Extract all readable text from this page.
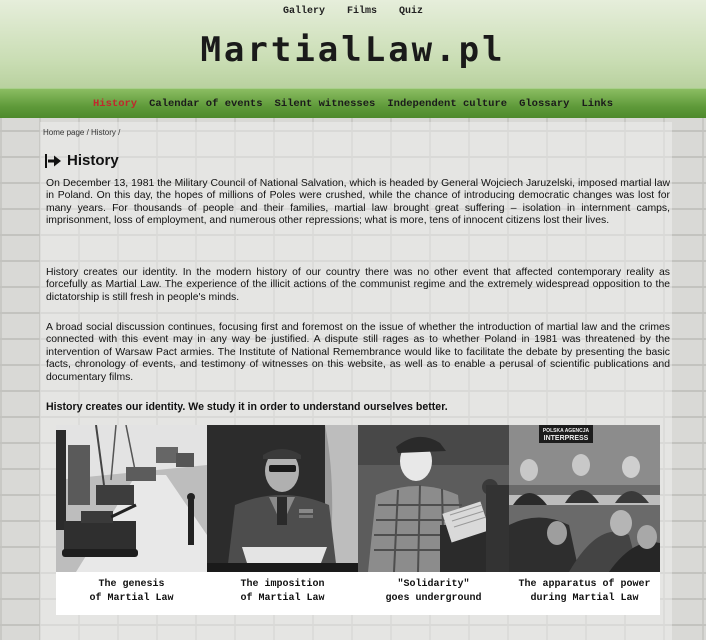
Gallery Films Quiz
MartialLaw.pl
History Calendar of events Silent witnesses Independent culture Glossary Links
Home page / History /
History

On December 13, 1981 the Military Council of National Salvation, which is headed by General Wojciech Jaruzelski, imposed martial law in Poland. On this day, the hopes of millions of Poles were crushed, while the chance of introducing democratic changes was lost for many years. For thousands of people and their families, martial law brought great suffering – isolation in internment camps, imprisonment, loss of employment, and numerous other repressions; what is more, tens of innocent citizens lost their lives.

History creates our identity. In the modern history of our country there was no other event that affected contemporary reality as forcefully as Martial Law. The experience of the illicit actions of the communist regime and the extremely widespread opposition to the dictatorship is still fresh in people's minds.

A broad social discussion continues, focusing first and foremost on the issue of whether the introduction of martial law and the crimes connected with this event may in any way be justified. A dispute still rages as to whether Poland in 1981 was threatened by the intervention of Warsaw Pact armies. The Institute of National Remembrance would like to facilitate the debate by presenting the basic facts, chronology of events, and testimony of witnesses on this website, as well as to enable a perusal of scientific publications and documentary films.

History creates our identity. We study it in order to understand ourselves better.
The genesis
of Martial Law
The imposition
of Martial Law
"Solidarity"
goes underground
POLSKA AGENCJA
INTERPRESS
The apparatus of power
during Martial Law
